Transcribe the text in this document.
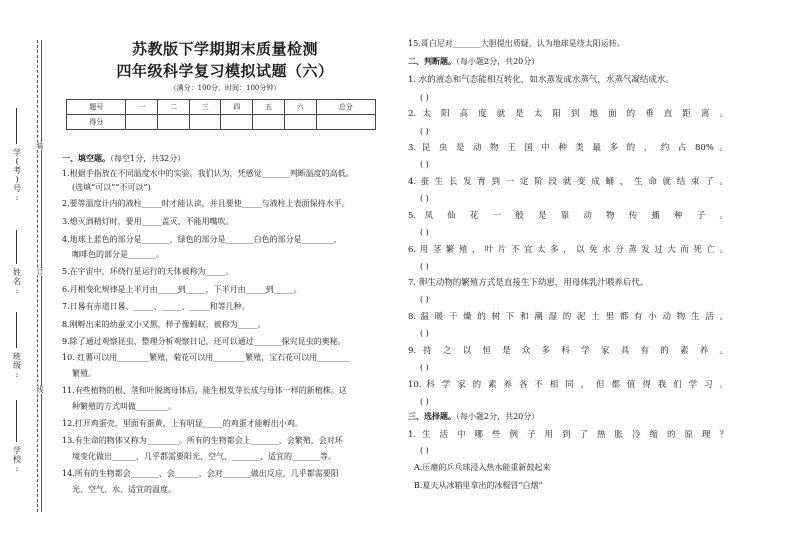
学
(
考
)
号
:
姓
名
:
班
级
:
学
校
:
装
订
线
苏教版下学期期末质量检测
四年级科学复习模拟试题（六）
（满分：100分，时间：100分钟）
题号	一	二	三	四	五	六	总分
得分							
一、填空题。（每空1分，共32分）
1.根据手指放在不同温度水中的实验，我们认为，凭感觉_______判断温度的高低。
(选填“可以”“不可以”)
2.要等温度计内的液柱_____时才能认读，并且要使_____与液柱上表面保持水平。
3.熄灭酒精灯时，要用_____盖灭，不能用嘴吹。
4.地球上蓝色的部分是_______，绿色的部分是_______白色的部分是________，
咖啡色的部分是_______。
5.在宇宙中，环绕行星运行的天体被称为_____。
6.月相变化规律是上半月由_____到_____，下半月由_____到_____。
7.日晷有赤道日晷、_____、_____、_____和等几种。
8.刚孵出来的幼蚕又小又黑，样子像蚂蚁，被称为_____。
9.除了通过观察昆虫、整理分析观察日记，还可以通过_______探究昆虫的奥秘。
10. 红薯可以用________繁殖，菊花可以用________繁殖，宝石花可以用________
繁殖。
11.有些植物的根、茎和叶脱离母体后，能生根发芽长成与母体一样的新植株。这
种繁殖的方式叫做________。
12.打开鸡蛋壳，里面有蛋黄，上有明显_____的鸡蛋才能孵出小鸡。
13.有生命的物体又称为________。所有的生物都会上_______，会繁殖，会对环
境变化做出______，几乎都需要阳光、空气、_______、适宜的_______等。
14.所有的生物都会_______、会______，会对_______做出反应，几乎都需要阳
光、空气、水、适宜的温度。
15.哥白尼对_______大胆提出质疑，认为地球是绕太阳运转。
二、判断题。（每小题2分，共20分）
1. 水的液态和气态能相互转化，如水蒸发成水蒸气，水蒸气凝结成水。
( )
2. 太 阳 高 度 就 是 太 阳 到 地 面 的 垂 直 距 离 。
( )
3. 昆 虫 是 动 物 王 国 中 种 类 最 多 的 ， 约 占 80% 。
( )
4. 蚕 生 长 发 育 到 一 定 阶 段 就 变 成 蛹 ， 生 命 就 结 束 了 。
( )
5. 凤 仙 花 一 般 是 靠 动 物 传 播 种 子 。
( )
6. 用 茎 繁 殖 ， 叶 片 不 宜 太 多 ， 以 免 水 分 蒸 发 过 大 而 死 亡 。
( )
7. 卵生动物的繁殖方式是直接生下幼崽，用母体乳汁喂养后代。
( )
8. 温 暖 干 燥 的 树 下 和 潮 湿 的 泥 土 里 都 有 小 动 物 生 活 。
( )
9. 持 之 以 恒 是 众 多 科 学 家 具 有 的 素 养 。
( )
10. 科 学 家 的 素 养 各 不 相 同 ， 但 都 值 得 我 们 学 习 。
( )
三、选择题。（每小题2分，共20分）
1. 生 活 中 哪 些 例 子 用 到 了 热 胀 冷 缩 的 原 理 ？
( )
A.压瘪的乒乓球浸入热水能重新鼓起来
B.夏天从冰箱里拿出的冰棍冒“白烟”
